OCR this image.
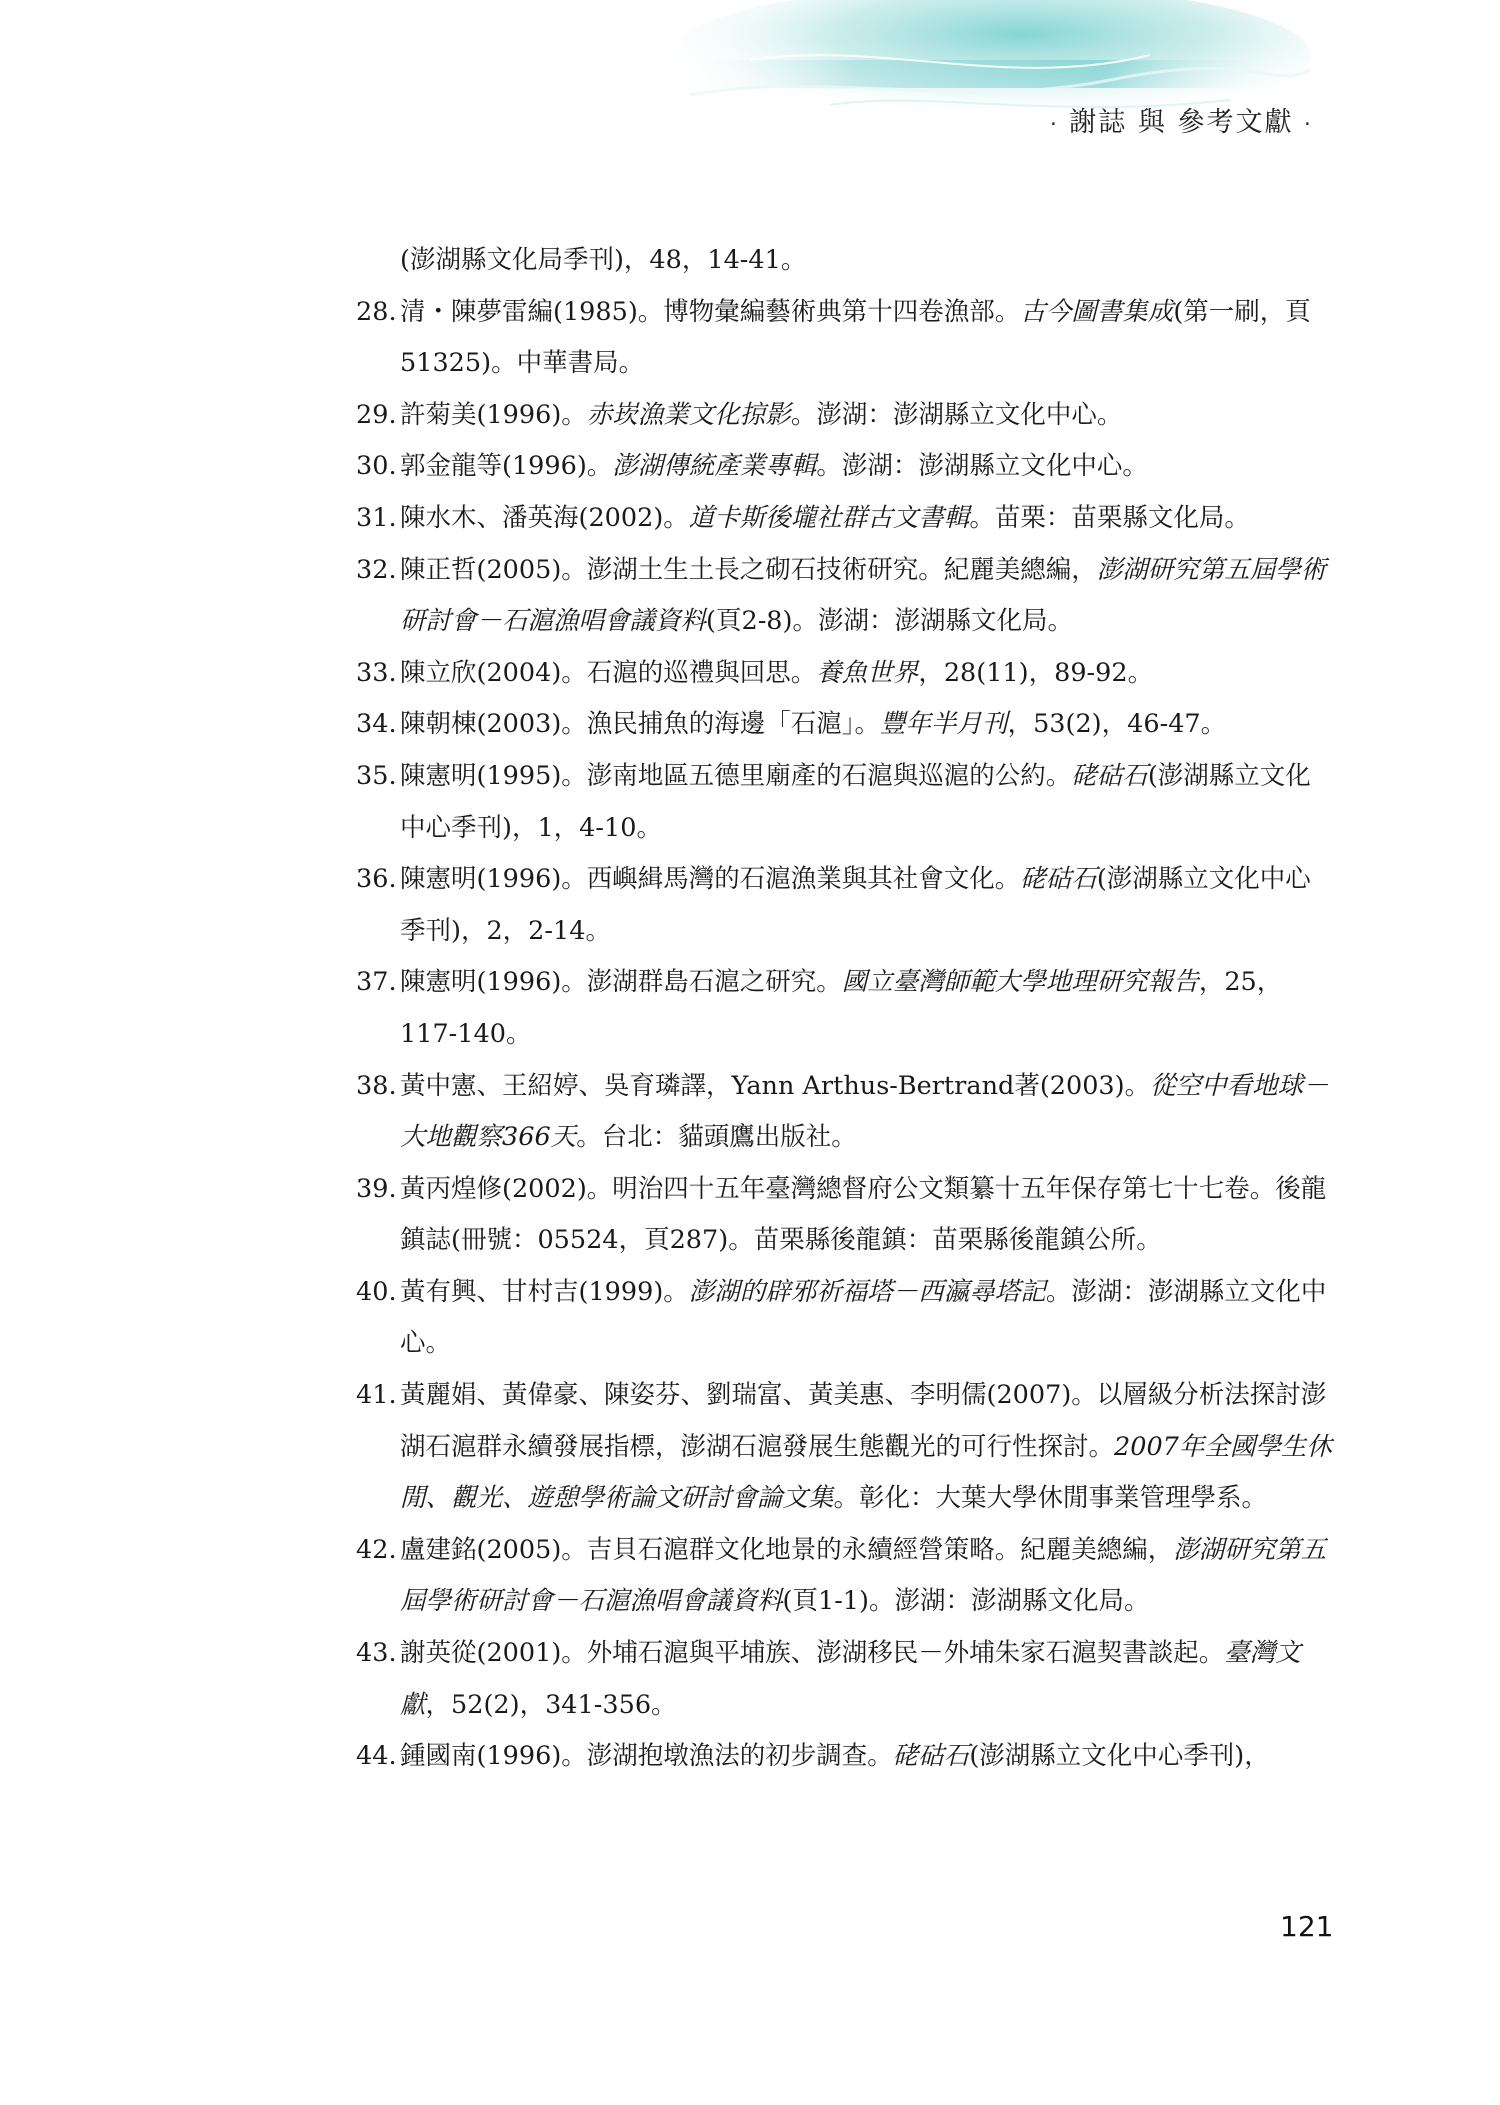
· 謝誌 與 參考文獻 ·
(澎湖縣文化局季刊)，48，14-41。
28. 清・陳夢雷編(1985)。博物彙編藝術典第十四卷漁部。古今圖書集成(第一刷，頁51325)。中華書局。
29. 許菊美(1996)。赤崁漁業文化掠影。澎湖：澎湖縣立文化中心。
30. 郭金龍等(1996)。澎湖傳統產業專輯。澎湖：澎湖縣立文化中心。
31. 陳水木、潘英海(2002)。道卡斯後壠社群古文書輯。苗栗：苗栗縣文化局。
32. 陳正哲(2005)。澎湖土生土長之砌石技術研究。紀麗美總編，澎湖研究第五屆學術研討會－石滬漁唱會議資料(頁2-8)。澎湖：澎湖縣文化局。
33. 陳立欣(2004)。石滬的巡禮與回思。養魚世界，28(11)，89-92。
34. 陳朝棟(2003)。漁民捕魚的海邊「石滬」。豐年半月刊，53(2)，46-47。
35. 陳憲明(1995)。澎南地區五德里廟產的石滬與巡滬的公約。硓𥑮石(澎湖縣立文化中心季刊)，1，4-10。
36. 陳憲明(1996)。西嶼緝馬灣的石滬漁業與其社會文化。硓𥑮石(澎湖縣立文化中心季刊)，2，2-14。
37. 陳憲明(1996)。澎湖群島石滬之研究。國立臺灣師範大學地理研究報告，25，117-140。
38. 黃中憲、王紹婷、吳育璘譯，Yann Arthus-Bertrand著(2003)。從空中看地球－大地觀察366天。台北：貓頭鷹出版社。
39. 黃丙煌修(2002)。明治四十五年臺灣總督府公文類纂十五年保存第七十七卷。後龍鎮誌(冊號：05524，頁287)。苗栗縣後龍鎮：苗栗縣後龍鎮公所。
40. 黃有興、甘村吉(1999)。澎湖的辟邪祈福塔－西瀛尋塔記。澎湖：澎湖縣立文化中心。
41. 黃麗娟、黃偉豪、陳姿芬、劉瑞富、黃美惠、李明儒(2007)。以層級分析法探討澎湖石滬群永續發展指標，澎湖石滬發展生態觀光的可行性探討。2007年全國學生休閒、觀光、遊憩學術論文研討會論文集。彰化：大葉大學休閒事業管理學系。
42. 盧建銘(2005)。吉貝石滬群文化地景的永續經營策略。紀麗美總編，澎湖研究第五屆學術研討會－石滬漁唱會議資料(頁1-1)。澎湖：澎湖縣文化局。
43. 謝英從(2001)。外埔石滬與平埔族、澎湖移民－外埔朱家石滬契書談起。臺灣文獻，52(2)，341-356。
44. 鍾國南(1996)。澎湖抱墩漁法的初步調查。硓𥑮石(澎湖縣立文化中心季刊)，
121
